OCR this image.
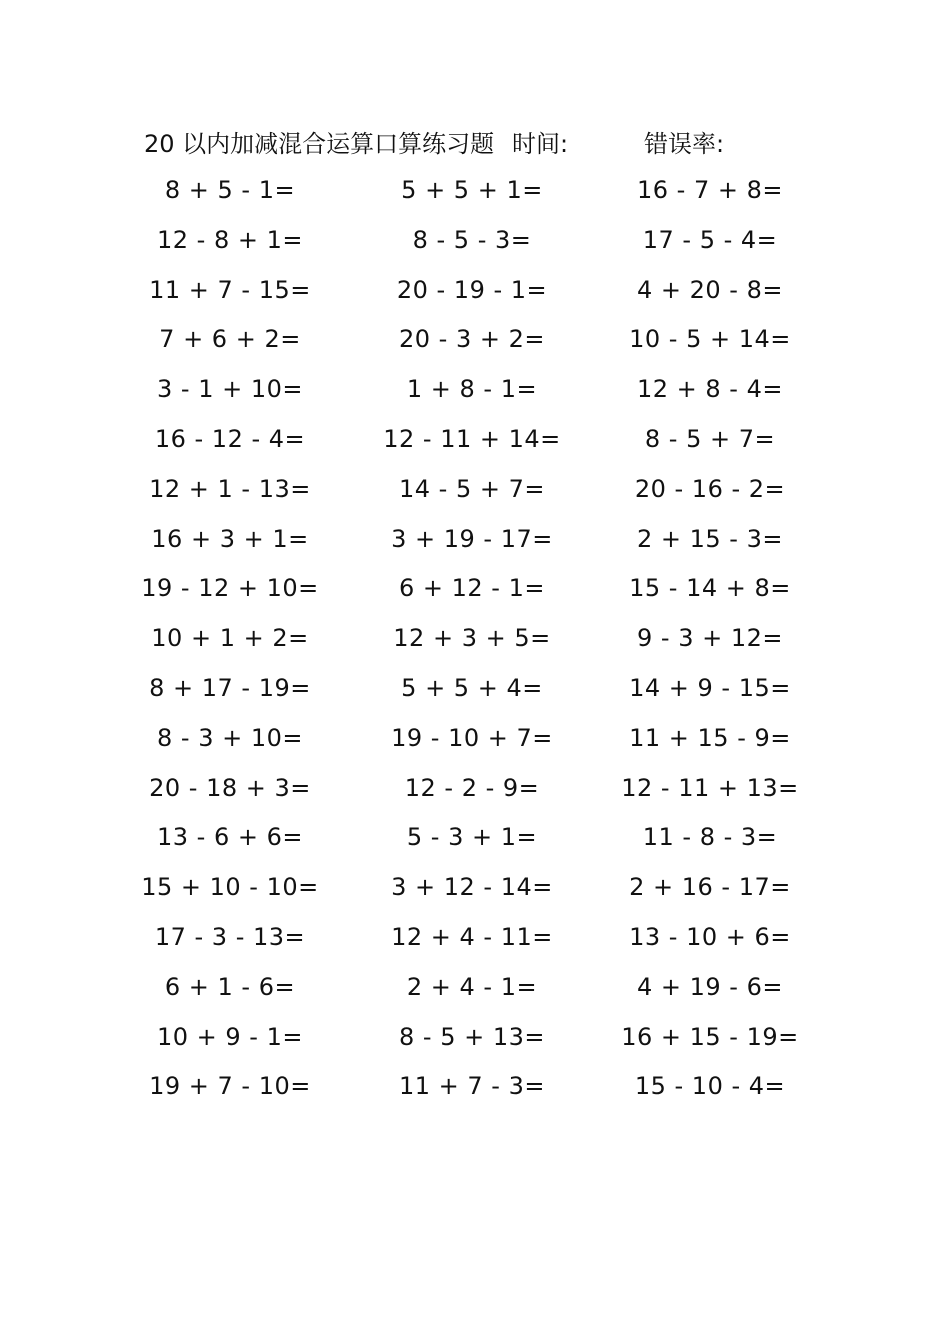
20 以内加减混合运算口算练习题 时间:	错误率:
8 + 5 - 1=	5 + 5 + 1=	16 - 7 + 8=
12 - 8 + 1=	8 - 5 - 3=	17 - 5 - 4=
11 + 7 - 15=	20 - 19 - 1=	4 + 20 - 8=
7 + 6 + 2=	20 - 3 + 2=	10 - 5 + 14=
3 - 1 + 10=	1 + 8 - 1=	12 + 8 - 4=
16 - 12 - 4=	12 - 11 + 14=	8 - 5 + 7=
12 + 1 - 13=	14 - 5 + 7=	20 - 16 - 2=
16 + 3 + 1=	3 + 19 - 17=	2 + 15 - 3=
19 - 12 + 10=	6 + 12 - 1=	15 - 14 + 8=
10 + 1 + 2=	12 + 3 + 5=	9 - 3 + 12=
8 + 17 - 19=	5 + 5 + 4=	14 + 9 - 15=
8 - 3 + 10=	19 - 10 + 7=	11 + 15 - 9=
20 - 18 + 3=	12 - 2 - 9=	12 - 11 + 13=
13 - 6 + 6=	5 - 3 + 1=	11 - 8 - 3=
15 + 10 - 10=	3 + 12 - 14=	2 + 16 - 17=
17 - 3 - 13=	12 + 4 - 11=	13 - 10 + 6=
6 + 1 - 6=	2 + 4 - 1=	4 + 19 - 6=
10 + 9 - 1=	8 - 5 + 13=	16 + 15 - 19=
19 + 7 - 10=	11 + 7 - 3=	15 - 10 - 4=
